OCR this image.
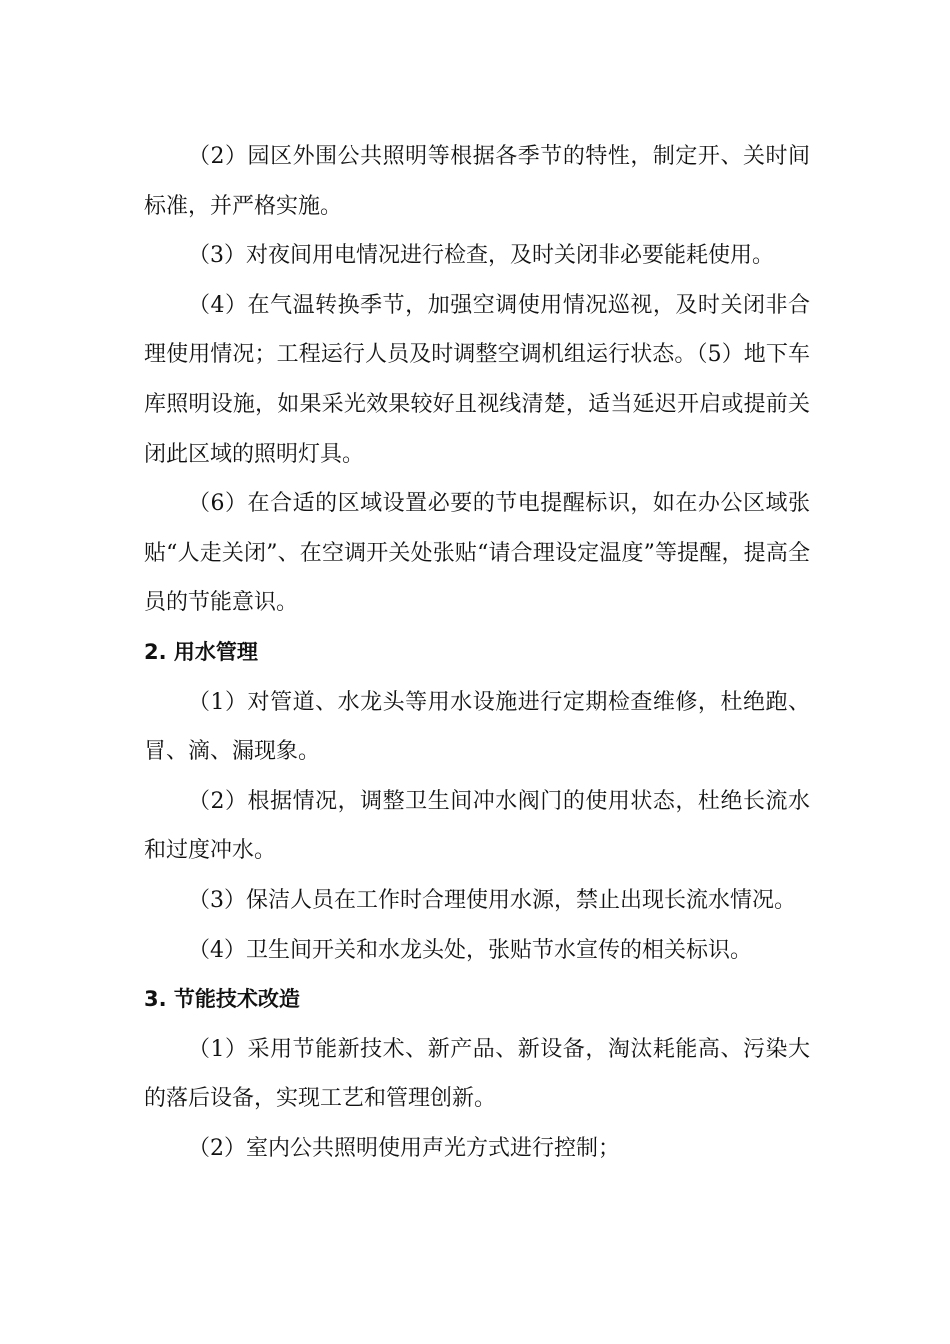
（2）园区外围公共照明等根据各季节的特性，制定开、关时间标准，并严格实施。

（3）对夜间用电情况进行检查，及时关闭非必要能耗使用。

（4）在气温转换季节，加强空调使用情况巡视，及时关闭非合理使用情况；工程运行人员及时调整空调机组运行状态。（5）地下车库照明设施，如果采光效果较好且视线清楚，适当延迟开启或提前关闭此区域的照明灯具。

（6）在合适的区域设置必要的节电提醒标识，如在办公区域张贴“人走关闭”、在空调开关处张贴“请合理设定温度”等提醒，提高全员的节能意识。

2. 用水管理

（1）对管道、水龙头等用水设施进行定期检查维修，杜绝跑、冒、滴、漏现象。

（2）根据情况，调整卫生间冲水阀门的使用状态，杜绝长流水和过度冲水。

（3）保洁人员在工作时合理使用水源，禁止出现长流水情况。

（4）卫生间开关和水龙头处，张贴节水宣传的相关标识。

3. 节能技术改造

（1）采用节能新技术、新产品、新设备，淘汰耗能高、污染大的落后设备，实现工艺和管理创新。

（2）室内公共照明使用声光方式进行控制；
